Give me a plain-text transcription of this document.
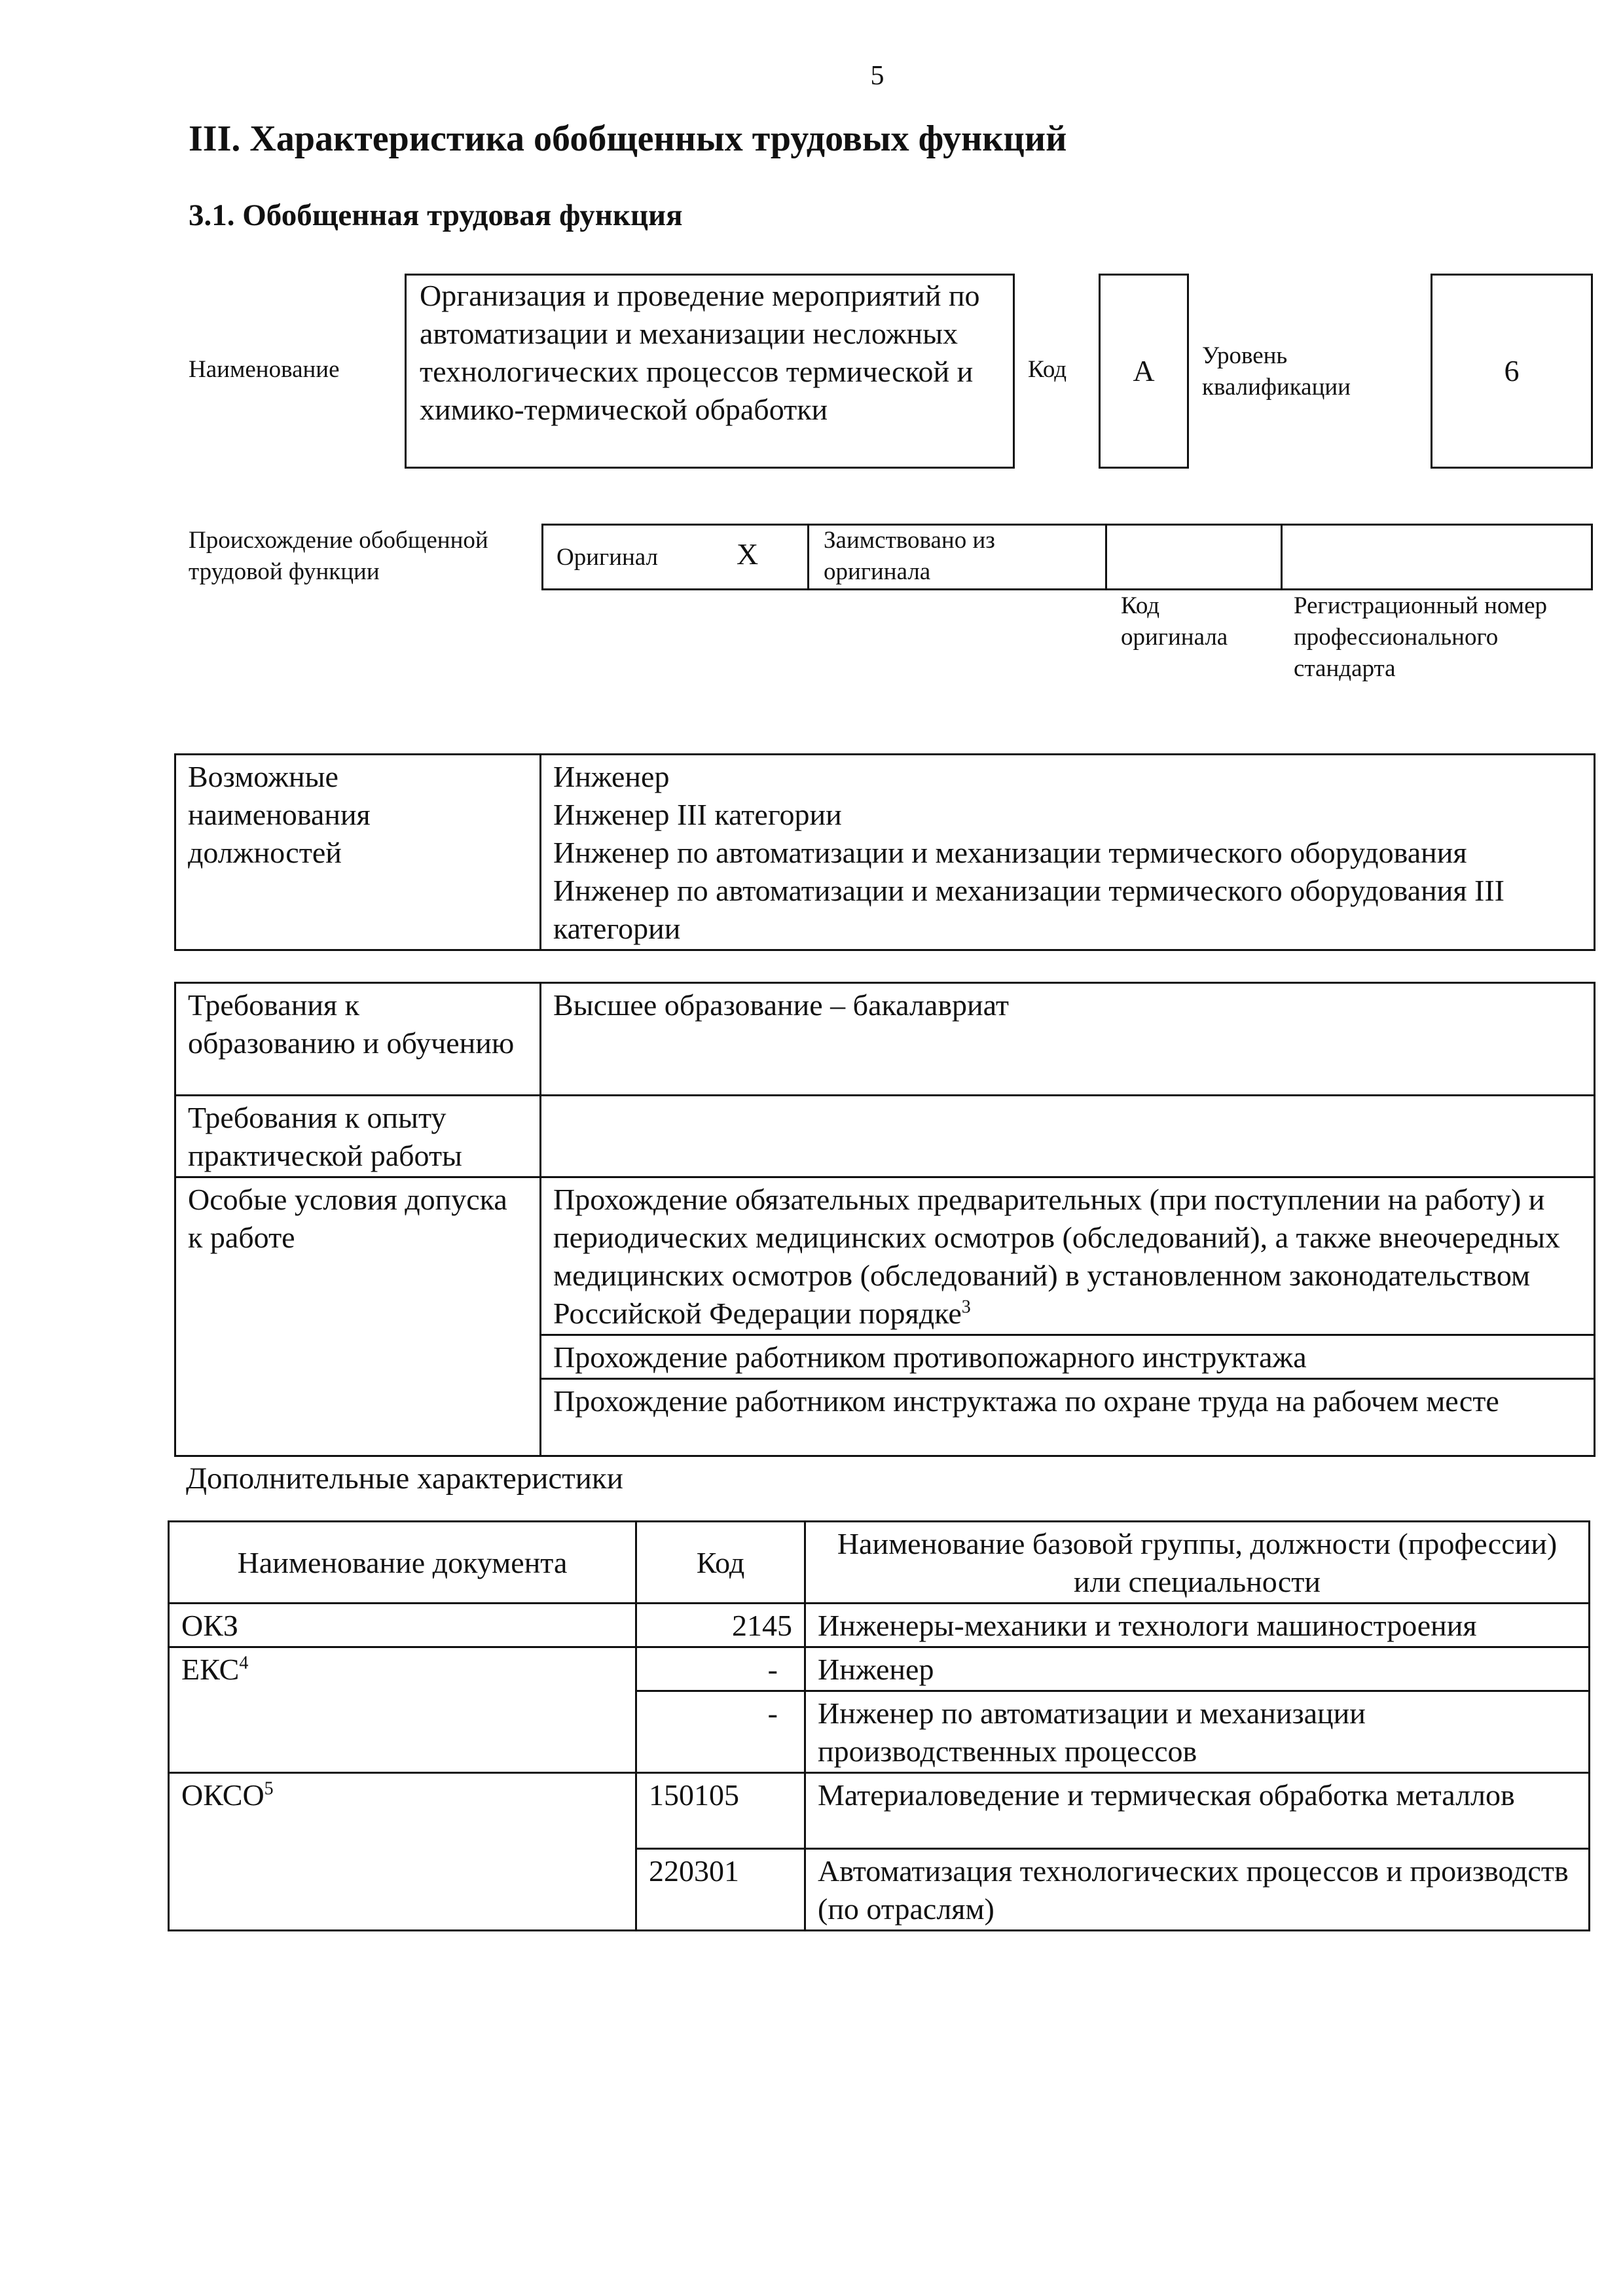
5
III. Характеристика обобщенных трудовых функций
3.1. Обобщенная трудовая функция
Наименование
Организация и проведение мероприятий по автоматизации и механизации несложных технологических процессов термической и химико-термической обработки
Код А Уровень квалификации	6
Происхождение обобщенной трудовой функции
Оригинал	X	Заимствовано из оригинала
Код оригинала
Регистрационный номер профессионального стандарта
Возможные наименования должностей	
Инженер
Инженер III категории
Инженер по автоматизации и механизации термического оборудования
Инженер по автоматизации и механизации термического оборудования III категории
Требования к образованию и обучению	Высшее образование – бакалавриат
Требования к опыту практической работы	
Особые условия допуска к работе	Прохождение обязательных предварительных (при поступлении на работу) и периодических медицинских осмотров (обследований), а также внеочередных медицинских осмотров (обследований) в установленном законодательством Российской Федерации порядке$^3$
	Прохождение работником противопожарного инструктажа
	Прохождение работником инструктажа по охране труда на рабочем месте
Дополнительные характеристики
Наименование документа	Код	Наименование базовой группы, должности (профессии) или специальности
ОКЗ	2145	Инженеры-механики и технологи машиностроения
ЕКС$^4$	-	Инженер
	-	Инженер по автоматизации и механизации производственных процессов
ОКСО$^5$	150105	Материаловедение и термическая обработка металлов
	220301	Автоматизация технологических процессов и производств (по отраслям)
